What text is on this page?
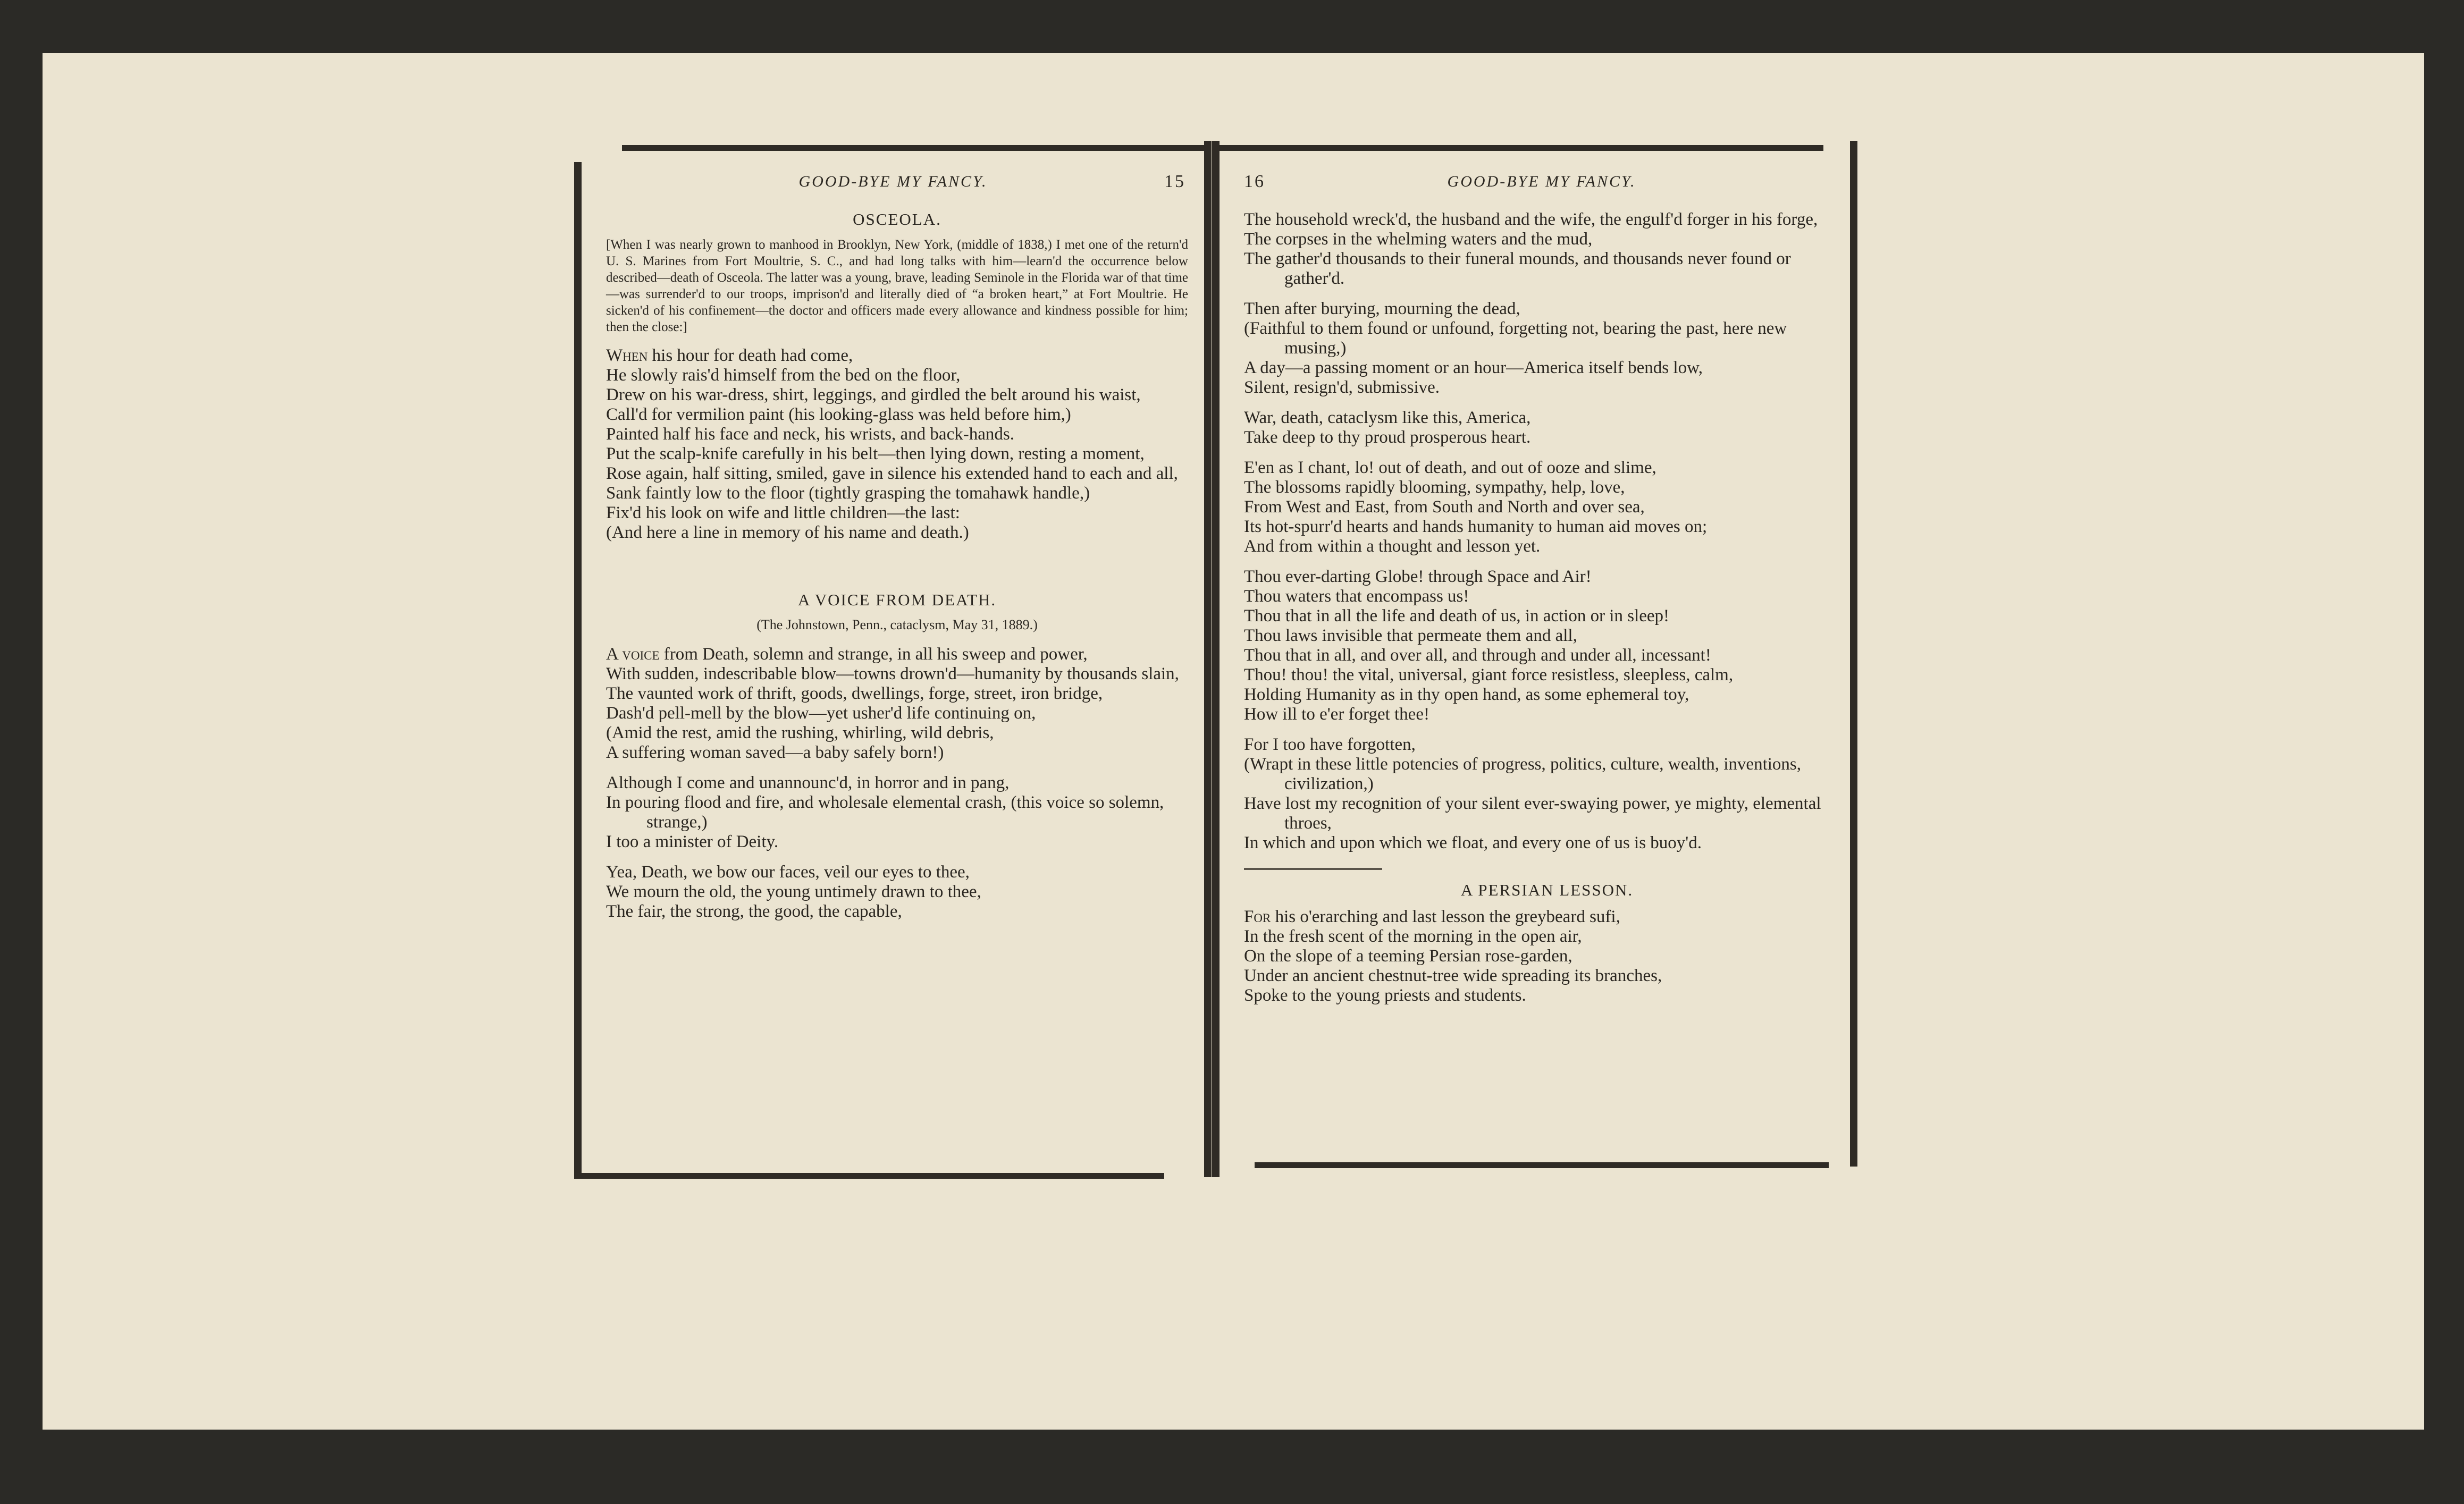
GOOD-BYE MY FANCY.	15
OSCEOLA.
[When I was nearly grown to manhood in Brooklyn, New York, (middle of 1838,) I met one of the return'd U. S. Marines from Fort Moultrie, S. C., and had long talks with him—learn'd the occurrence below described—death of Osceola. The latter was a young, brave, leading Seminole in the Florida war of that time—was surrender'd to our troops, imprison'd and literally died of “a broken heart,” at Fort Moultrie. He sicken'd of his confinement—the doctor and officers made every allowance and kindness possible for him; then the close:]
When his hour for death had come,
He slowly rais'd himself from the bed on the floor,
Drew on his war-dress, shirt, leggings, and girdled the belt around his waist,
Call'd for vermilion paint (his looking-glass was held before him,)
Painted half his face and neck, his wrists, and back-hands.
Put the scalp-knife carefully in his belt—then lying down, resting a moment,
Rose again, half sitting, smiled, gave in silence his extended hand to each and all,
Sank faintly low to the floor (tightly grasping the tomahawk handle,)
Fix'd his look on wife and little children—the last:
(And here a line in memory of his name and death.)
A VOICE FROM DEATH.
(The Johnstown, Penn., cataclysm, May 31, 1889.)
A voice from Death, solemn and strange, in all his sweep and power,
With sudden, indescribable blow—towns drown'd—humanity by thousands slain,
The vaunted work of thrift, goods, dwellings, forge, street, iron bridge,
Dash'd pell-mell by the blow—yet usher'd life continuing on,
(Amid the rest, amid the rushing, whirling, wild debris,
A suffering woman saved—a baby safely born!)
Although I come and unannounc'd, in horror and in pang,
In pouring flood and fire, and wholesale elemental crash, (this voice so solemn, strange,)
I too a minister of Deity.
Yea, Death, we bow our faces, veil our eyes to thee,
We mourn the old, the young untimely drawn to thee,
The fair, the strong, the good, the capable,
16	GOOD-BYE MY FANCY.
The household wreck'd, the husband and the wife, the engulf'd forger in his forge,
The corpses in the whelming waters and the mud,
The gather'd thousands to their funeral mounds, and thousands never found or gather'd.
Then after burying, mourning the dead,
(Faithful to them found or unfound, forgetting not, bearing the past, here new musing,)
A day—a passing moment or an hour—America itself bends low,
Silent, resign'd, submissive.
War, death, cataclysm like this, America,
Take deep to thy proud prosperous heart.
E'en as I chant, lo! out of death, and out of ooze and slime,
The blossoms rapidly blooming, sympathy, help, love,
From West and East, from South and North and over sea,
Its hot-spurr'd hearts and hands humanity to human aid moves on;
And from within a thought and lesson yet.
Thou ever-darting Globe! through Space and Air!
Thou waters that encompass us!
Thou that in all the life and death of us, in action or in sleep!
Thou laws invisible that permeate them and all,
Thou that in all, and over all, and through and under all, incessant!
Thou! thou! the vital, universal, giant force resistless, sleepless, calm,
Holding Humanity as in thy open hand, as some ephemeral toy,
How ill to e'er forget thee!
For I too have forgotten,
(Wrapt in these little potencies of progress, politics, culture, wealth, inventions, civilization,)
Have lost my recognition of your silent ever-swaying power, ye mighty, elemental throes,
In which and upon which we float, and every one of us is buoy'd.
A PERSIAN LESSON.
For his o'erarching and last lesson the greybeard sufi,
In the fresh scent of the morning in the open air,
On the slope of a teeming Persian rose-garden,
Under an ancient chestnut-tree wide spreading its branches,
Spoke to the young priests and students.
